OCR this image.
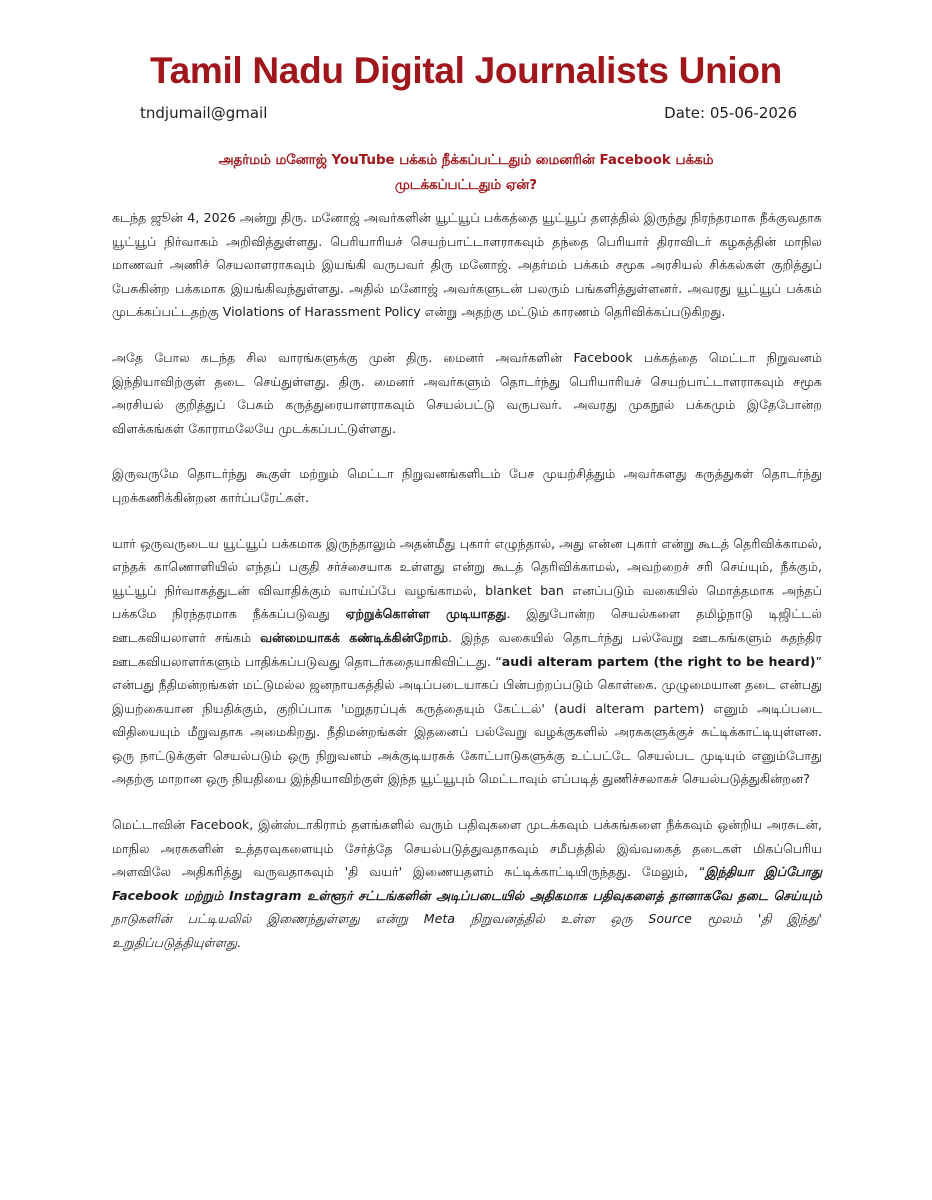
Tamil Nadu Digital Journalists Union
tndjumail@gmail	Date: 05-06-2026
அதர்மம் மனோஜ் YouTube பக்கம் நீக்கப்பட்டதும் மைனரின் Facebook பக்கம்
முடக்கப்பட்டதும் ஏன்?

கடந்த ஜூன் 4, 2026 அன்று திரு. மனோஜ் அவர்களின் யூட்யூப் பக்கத்தை யூட்யூப் தளத்தில் இருந்து நிரந்தரமாக நீக்குவதாக யூட்யூப் நிர்வாகம் அறிவித்துள்ளது. பெரியாரியச் செயற்பாட்டாளராகவும் தந்தை பெரியார் திராவிடர் கழகத்தின் மாநில மாணவர் அணிச் செயலாளராகவும் இயங்கி வருபவர் திரு மனோஜ். அதர்மம் பக்கம் சமூக அரசியல் சிக்கல்கள் குறித்துப் பேசுகின்ற பக்கமாக இயங்கிவந்துள்ளது. அதில் மனோஜ் அவர்களுடன் பலரும் பங்களித்துள்ளனர். அவரது யூட்யூப் பக்கம் முடக்கப்பட்டதற்கு Violations of Harassment Policy என்று அதற்கு மட்டும் காரணம் தெரிவிக்கப்படுகிறது.

அதே போல கடந்த சில வாரங்களுக்கு முன் திரு. மைனர் அவர்களின் Facebook பக்கத்தை மெட்டா நிறுவனம் இந்தியாவிற்குள் தடை செய்துள்ளது. திரு. மைனர் அவர்களும் தொடர்ந்து பெரியாரியச் செயற்பாட்டாளராகவும் சமூக அரசியல் குறித்துப் பேசும் கருத்துரையாளராகவும் செயல்பட்டு வருபவர். அவரது முகநூல் பக்கமும் இதேபோன்ற விளக்கங்கள் கோராமலேயே முடக்கப்பட்டுள்ளது.

இருவருமே தொடர்ந்து கூகுள் மற்றும் மெட்டா நிறுவனங்களிடம் பேச முயற்சித்தும் அவர்களது கருத்துகள் தொடர்ந்து புறக்கணிக்கின்றன கார்ப்பரேட்கள்.

யார் ஒருவருடைய யூட்யூப் பக்கமாக இருந்தாலும் அதன்மீது புகார் எழுந்தால், அது என்ன புகார் என்று கூடத் தெரிவிக்காமல், எந்தக் காணொளியில் எந்தப் பகுதி சர்ச்சையாக உள்ளது என்று கூடத் தெரிவிக்காமல், அவற்றைச் சரி செய்யும், நீக்கும், யூட்யூப் நிர்வாகத்துடன் விவாதிக்கும் வாய்ப்பே வழங்காமல், blanket ban எனப்படும் வகையில் மொத்தமாக அந்தப் பக்கமே நிரந்தரமாக நீக்கப்படுவது ஏற்றுக்கொள்ள முடியாதது. இதுபோன்ற செயல்களை தமிழ்நாடு டிஜிட்டல் ஊடகவியலாளர் சங்கம் வன்மையாகக் கண்டிக்கின்றோம். இந்த வகையில் தொடர்ந்து பல்வேறு ஊடகங்களும் சுதந்திர ஊடகவியலாளர்களும் பாதிக்கப்படுவது தொடர்கதையாகிவிட்டது. “audi alteram partem (the right to be heard)” என்பது நீதிமன்றங்கள் மட்டுமல்ல ஜனநாயகத்தில் அடிப்படையாகப் பின்பற்றப்படும் கொள்கை. முழுமையான தடை என்பது இயற்கையான நியதிக்கும், குறிப்பாக 'மறுதரப்புக் கருத்தையும் கேட்டல்' (audi alteram partem) எனும் அடிப்படை விதியையும் மீறுவதாக அமைகிறது. நீதிமன்றங்கள் இதனைப் பல்வேறு வழக்குகளில் அரசுகளுக்குச் சுட்டிக்காட்டியுள்ளன. ஒரு நாட்டுக்குள் செயல்படும் ஒரு நிறுவனம் அக்குடியரசுக் கோட்பாடுகளுக்கு உட்பட்டே செயல்பட முடியும் எனும்போது அதற்கு மாறான ஒரு நியதியை இந்தியாவிற்குள் இந்த யூட்யூபும் மெட்டாவும் எப்படித் துணிச்சலாகச் செயல்படுத்துகின்றன?

மெட்டாவின் Facebook, இன்ஸ்டாகிராம் தளங்களில் வரும் பதிவுகளை முடக்கவும் பக்கங்களை நீக்கவும் ஒன்றிய அரசுடன், மாநில அரசுகளின் உத்தரவுகளையும் சேர்த்தே செயல்படுத்துவதாகவும் சமீபத்தில் இவ்வகைத் தடைகள் மிகப்பெரிய அளவிலே அதிகரித்து வருவதாகவும் 'தி வயர்' இணையதளம் சுட்டிக்காட்டியிருந்தது. மேலும், “இந்தியா இப்போது Facebook மற்றும் Instagram உள்ளூர் சட்டங்களின் அடிப்படையில் அதிகமாக பதிவுகளைத் தானாகவே தடை செய்யும் நாடுகளின் பட்டியலில் இணைந்துள்ளது என்று Meta நிறுவனத்தில் உள்ள ஒரு Source மூலம் 'தி இந்து' உறுதிப்படுத்தியுள்ளது.
